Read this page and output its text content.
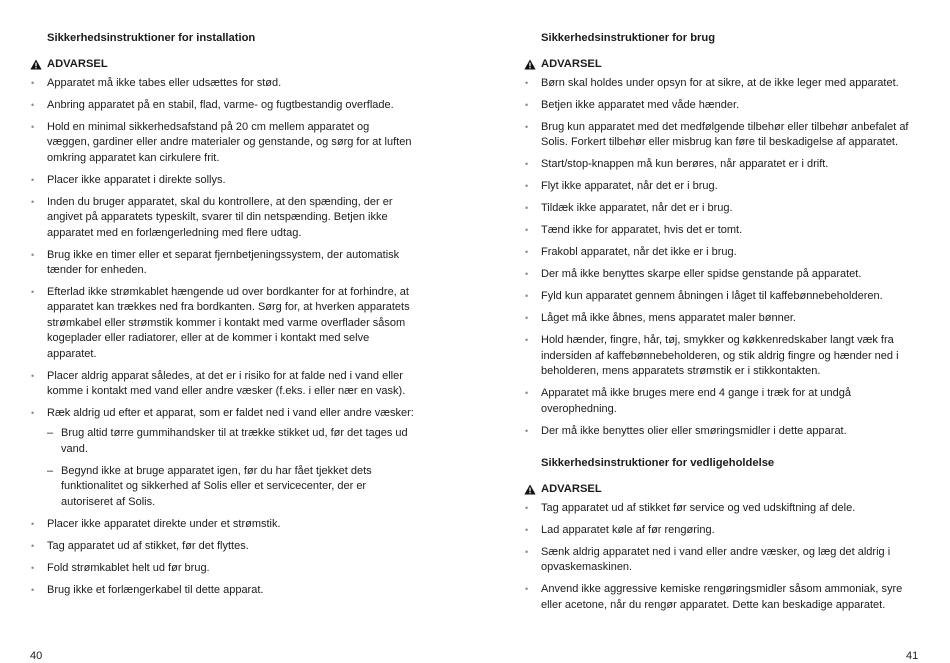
Sikkerhedsinstruktioner for installation
ADVARSEL
• Apparatet må ikke tabes eller udsættes for stød.
• Anbring apparatet på en stabil, flad, varme- og fugtbestandig overflade.
• Hold en minimal sikkerhedsafstand på 20 cm mellem apparatet og væggen, gardiner eller andre materialer og genstande, og sørg for at luften omkring apparatet kan cirkulere frit.
• Placer ikke apparatet i direkte sollys.
• Inden du bruger apparatet, skal du kontrollere, at den spænding, der er angivet på apparatets typeskilt, svarer til din netspænding. Betjen ikke apparatet med en forlængerledning med flere udtag.
• Brug ikke en timer eller et separat fjernbetjeningssystem, der automatisk tænder for enheden.
• Efterlad ikke strømkablet hængende ud over bordkanter for at forhindre, at apparatet kan trækkes ned fra bordkanten. Sørg for, at hverken apparatets strømkabel eller strømstik kommer i kontakt med varme overflader såsom kogeplader eller radiatorer, eller at de kommer i kontakt med selve apparatet.
• Placer aldrig apparat således, at det er i risiko for at falde ned i vand eller komme i kontakt med vand eller andre væsker (f.eks. i eller nær en vask).
• Ræk aldrig ud efter et apparat, som er faldet ned i vand eller andre væsker:
– Brug altid tørre gummihandsker til at trække stikket ud, før det tages ud vand.
– Begynd ikke at bruge apparatet igen, før du har fået tjekket dets funktionalitet og sikkerhed af Solis eller et servicecenter, der er autoriseret af Solis.
• Placer ikke apparatet direkte under et strømstik.
• Tag apparatet ud af stikket, før det flyttes.
• Fold strømkablet helt ud før brug.
• Brug ikke et forlængerkabel til dette apparat.
Sikkerhedsinstruktioner for brug
ADVARSEL
• Børn skal holdes under opsyn for at sikre, at de ikke leger med apparatet.
• Betjen ikke apparatet med våde hænder.
• Brug kun apparatet med det medfølgende tilbehør eller tilbehør anbefalet af Solis. Forkert tilbehør eller misbrug kan føre til beskadigelse af apparatet.
• Start/stop-knappen må kun berøres, når apparatet er i drift.
• Flyt ikke apparatet, når det er i brug.
• Tildæk ikke apparatet, når det er i brug.
• Tænd ikke for apparatet, hvis det er tomt.
• Frakobl apparatet, når det ikke er i brug.
• Der må ikke benyttes skarpe eller spidse genstande på apparatet.
• Fyld kun apparatet gennem åbningen i låget til kaffebønnebeholderen.
• Låget må ikke åbnes, mens apparatet maler bønner.
• Hold hænder, fingre, hår, tøj, smykker og køkkenredskaber langt væk fra indersiden af kaffebønnebeholderen, og stik aldrig fingre og hænder ned i beholderen, mens apparatets strømstik er i stikkontakten.
• Apparatet må ikke bruges mere end 4 gange i træk for at undgå overophedning.
• Der må ikke benyttes olier eller smøringsmidler i dette apparat.
Sikkerhedsinstruktioner for vedligeholdelse
ADVARSEL
• Tag apparatet ud af stikket før service og ved udskiftning af dele.
• Lad apparatet køle af før rengøring.
• Sænk aldrig apparatet ned i vand eller andre væsker, og læg det aldrig i opvaskemaskinen.
• Anvend ikke aggressive kemiske rengøringsmidler såsom ammoniak, syre eller acetone, når du rengør apparatet. Dette kan beskadige apparatet.
40	41
